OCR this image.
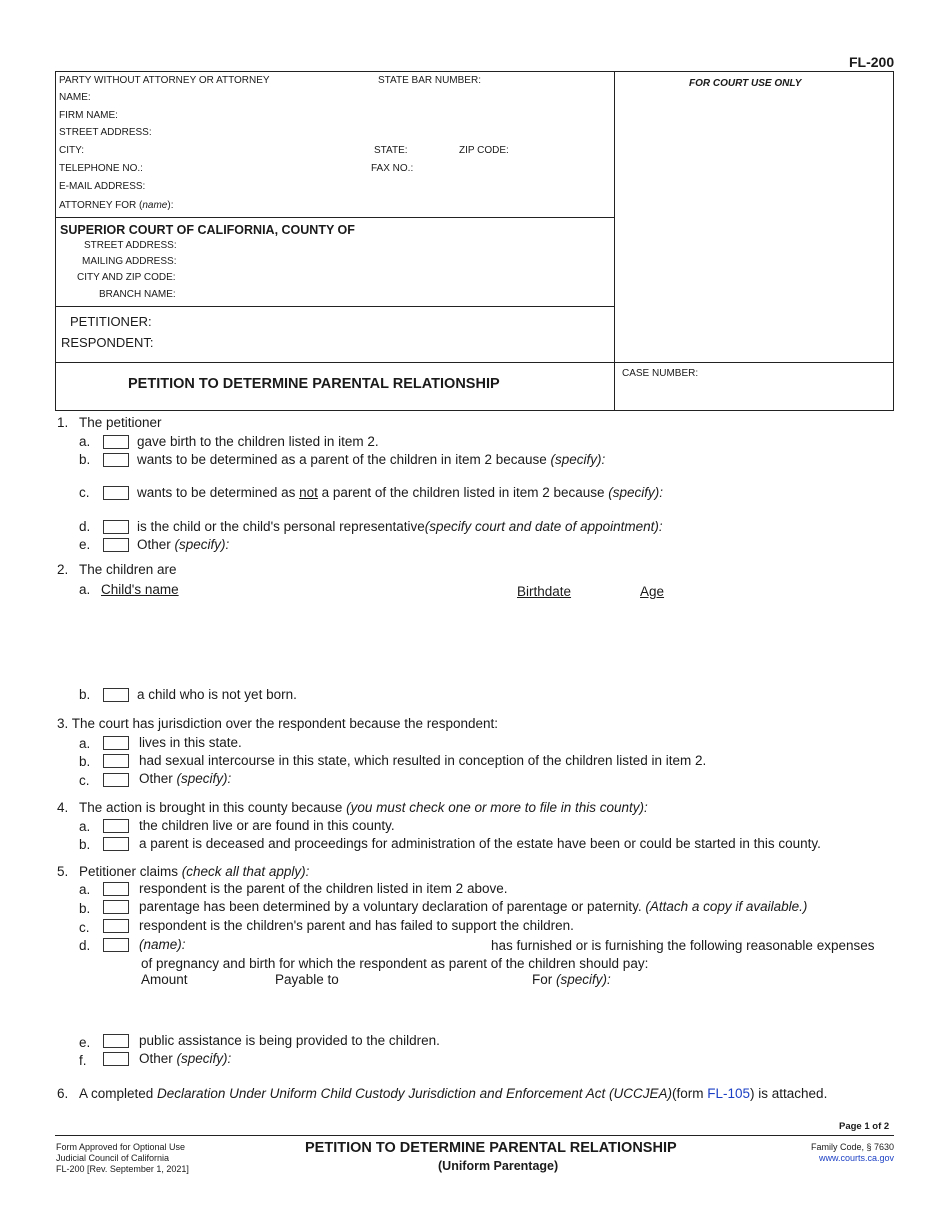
FL-200
PARTY WITHOUT ATTORNEY OR ATTORNEY	STATE BAR NUMBER:
NAME:
FIRM NAME:
STREET ADDRESS:
CITY:	STATE:	ZIP CODE:
TELEPHONE NO.:	FAX NO.:
E-MAIL ADDRESS:
ATTORNEY FOR (name):
FOR COURT USE ONLY
SUPERIOR COURT OF CALIFORNIA, COUNTY OF
STREET ADDRESS:
MAILING ADDRESS:
CITY AND ZIP CODE:
BRANCH NAME:
PETITIONER:
RESPONDENT:
PETITION TO DETERMINE PARENTAL RELATIONSHIP
CASE NUMBER:
1. The petitioner
a.	gave birth to the children listed in item 2.
b.	wants to be determined as a parent of the children in item 2 because (specify):
c.	wants to be determined as not a parent of the children listed in item 2 because (specify):
d.	is the child or the child's personal representative(specify court and date of appointment):
e.	Other (specify):
2. The children are
a. Child's name	Birthdate	Age
b.	a child who is not yet born.
3. The court has jurisdiction over the respondent because the respondent:
a.	lives in this state.
b.	had sexual intercourse in this state, which resulted in conception of the children listed in item 2.
c.	Other (specify):
4. The action is brought in this county because (you must check one or more to file in this county):
a.	the children live or are found in this county.
b.	a parent is deceased and proceedings for administration of the estate have been or could be started in this county.
5. Petitioner claims (check all that apply):
a.	respondent is the parent of the children listed in item 2 above.
b.	parentage has been determined by a voluntary declaration of parentage or paternity. (Attach a copy if available.)
c.	respondent is the children's parent and has failed to support the children.
d.	(name):	has furnished or is furnishing the following reasonable expenses
of pregnancy and birth for which the respondent as parent of the children should pay:
Amount	Payable to	For (specify):
e.	public assistance is being provided to the children.
f.	Other (specify):
6. A completed Declaration Under Uniform Child Custody Jurisdiction and Enforcement Act (UCCJEA)(form FL-105) is attached.
Page 1 of 2
Form Approved for Optional Use
Judicial Council of California
FL-200 [Rev. September 1, 2021]
PETITION TO DETERMINE PARENTAL RELATIONSHIP
(Uniform Parentage)
Family Code, § 7630
www.courts.ca.gov
